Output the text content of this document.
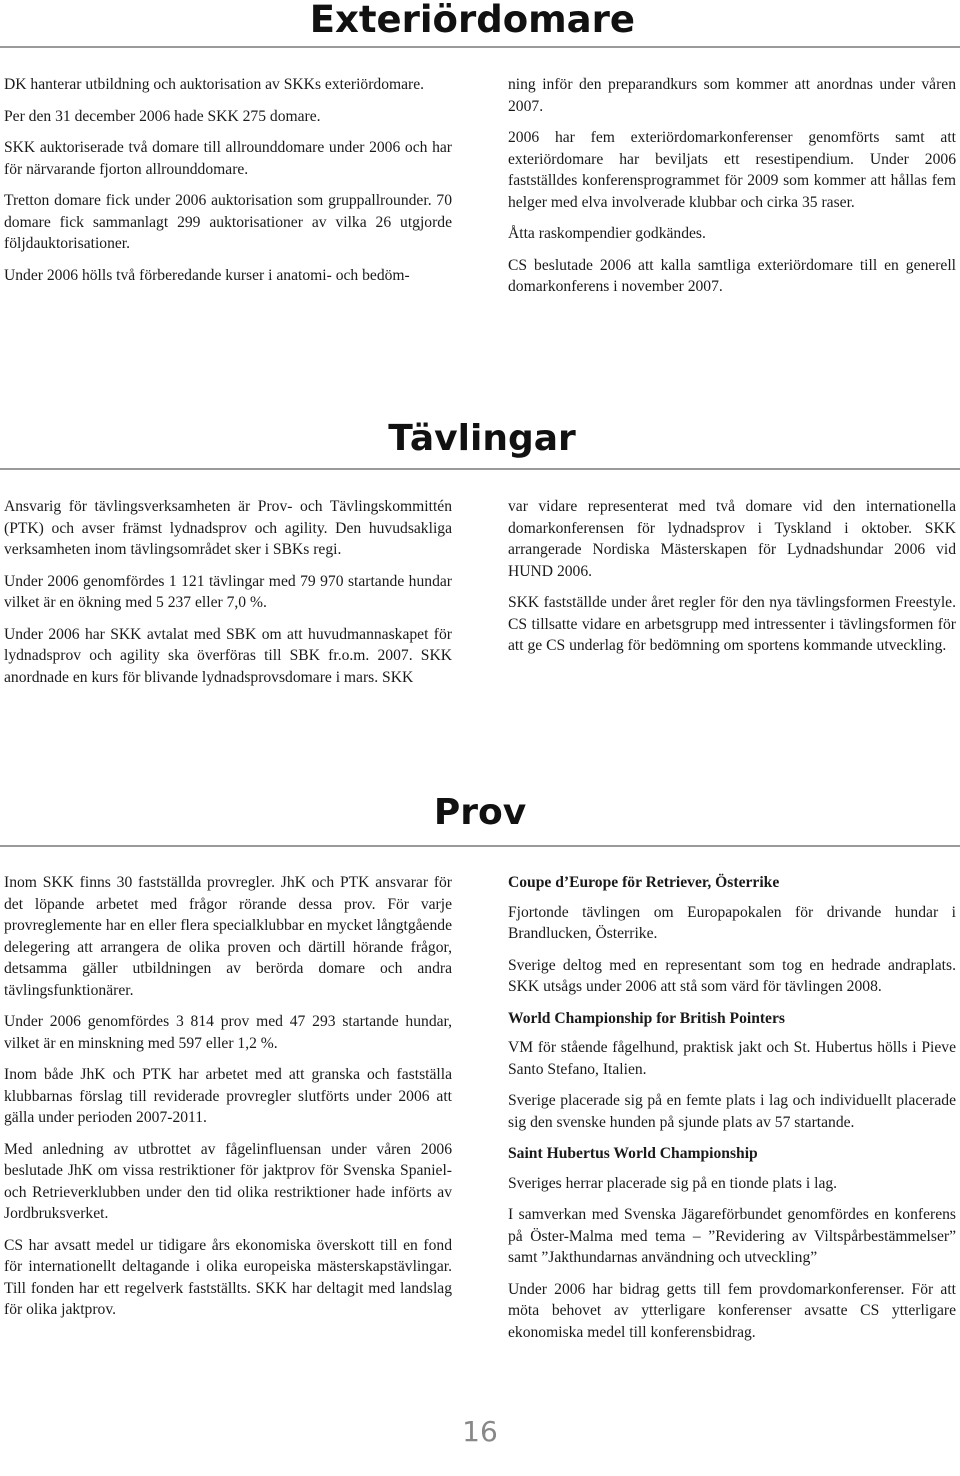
Exteriördomare

DK hanterar utbildning och auktorisation av SKKs exteriördomare.

Per den 31 december 2006 hade SKK 275 domare.

SKK auktoriserade två domare till allrounddomare under 2006 och har för närvarande fjorton allrounddomare.

Tretton domare fick under 2006 auktorisation som gruppallrounder. 70 domare fick sammanlagt 299 auktorisationer av vilka 26 utgjorde följdauktorisationer.

Under 2006 hölls två förberedande kurser i anatomi- och bedöm-

ning inför den preparandkurs som kommer att anordnas under våren 2007.

2006 har fem exteriördomarkonferenser genomförts samt att exteriördomare har beviljats ett resestipendium. Under 2006 fastställdes konferensprogrammet för 2009 som kommer att hållas fem helger med elva involverade klubbar och cirka 35 raser.

Åtta raskompendier godkändes.

CS beslutade 2006 att kalla samtliga exteriördomare till en generell domarkonferens i november 2007.

Tävlingar

Ansvarig för tävlingsverksamheten är Prov- och Tävlingskommittén (PTK) och avser främst lydnadsprov och agility. Den huvudsakliga verksamheten inom tävlingsområdet sker i SBKs regi.

Under 2006 genomfördes 1 121 tävlingar med 79 970 startande hundar vilket är en ökning med 5 237 eller 7,0 %.

Under 2006 har SKK avtalat med SBK om att huvudmannaskapet för lydnadsprov och agility ska överföras till SBK fr.o.m. 2007. SKK anordnade en kurs för blivande lydnadsprovsdomare i mars. SKK

var vidare representerat med två domare vid den internationella domarkonferensen för lydnadsprov i Tyskland i oktober. SKK arrangerade Nordiska Mästerskapen för Lydnadshundar 2006 vid HUND 2006.

SKK fastställde under året regler för den nya tävlingsformen Freestyle. CS tillsatte vidare en arbetsgrupp med intressenter i tävlingsformen för att ge CS underlag för bedömning om sportens kommande utveckling.

Prov

Inom SKK finns 30 fastställda provregler. JhK och PTK ansvarar för det löpande arbetet med frågor rörande dessa prov. För varje provreglemente har en eller flera specialklubbar en mycket långtgående delegering att arrangera de olika proven och därtill hörande frågor, detsamma gäller utbildningen av berörda domare och andra tävlingsfunktionärer.

Under 2006 genomfördes 3 814 prov med 47 293 startande hundar, vilket är en minskning med 597 eller 1,2 %.

Inom både JhK och PTK har arbetet med att granska och fastställa klubbarnas förslag till reviderade provregler slutförts under 2006 att gälla under perioden 2007-2011.

Med anledning av utbrottet av fågelinfluensan under våren 2006 beslutade JhK om vissa restriktioner för jaktprov för Svenska Spaniel- och Retrieverklubben under den tid olika restriktioner hade införts av Jordbruksverket.

CS har avsatt medel ur tidigare års ekonomiska överskott till en fond för internationellt deltagande i olika europeiska mästerskapstävlingar. Till fonden har ett regelverk fastställts. SKK har deltagit med landslag för olika jaktprov.

Coupe d’Europe för Retriever, Österrike

Fjortonde tävlingen om Europapokalen för drivande hundar i Brandlucken, Österrike.

Sverige deltog med en representant som tog en hedrade andraplats. SKK utsågs under 2006 att stå som värd för tävlingen 2008.

World Championship for British Pointers

VM för stående fågelhund, praktisk jakt och St. Hubertus hölls i Pieve Santo Stefano, Italien.

Sverige placerade sig på en femte plats i lag och individuellt placerade sig den svenske hunden på sjunde plats av 57 startande.

Saint Hubertus World Championship

Sveriges herrar placerade sig på en tionde plats i lag.

I samverkan med Svenska Jägareförbundet genomfördes en konferens på Öster-Malma med tema – ”Revidering av Viltspårbestämmelser” samt ”Jakthundarnas användning och utveckling”

Under 2006 har bidrag getts till fem provdomarkonferenser. För att möta behovet av ytterligare konferenser avsatte CS ytterligare ekonomiska medel till konferensbidrag.

16
